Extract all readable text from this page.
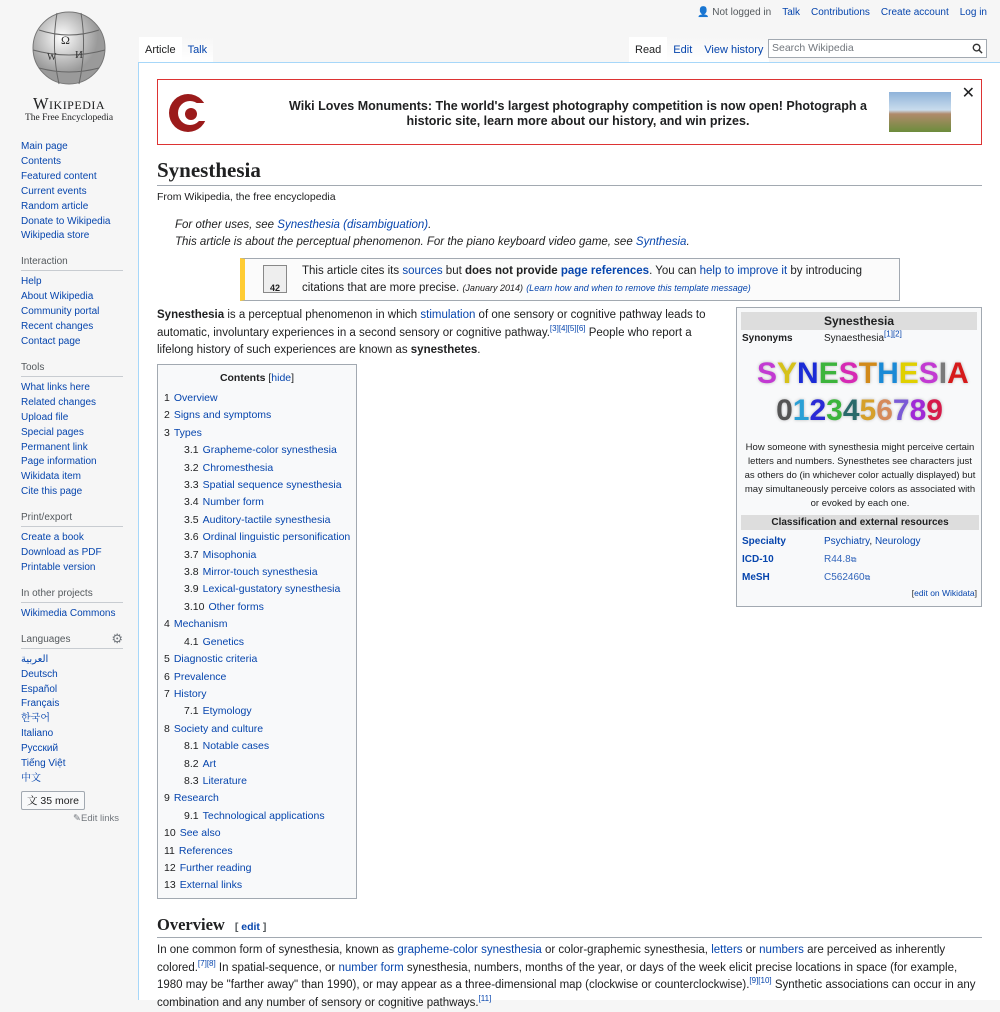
Ω
И
W
Wikipedia
The Free Encyclopedia
Main page
Contents
Featured content
Current events
Random article
Donate to Wikipedia
Wikipedia store
Interaction
Help
About Wikipedia
Community portal
Recent changes
Contact page
Tools
What links here
Related changes
Upload file
Special pages
Permanent link
Page information
Wikidata item
Cite this page
Print/export
Create a book
Download as PDF
Printable version
In other projects
Wikimedia Commons
Languages	⚙
العربية
Deutsch
Español
Français
한국어
Italiano
Русский
Tiếng Việt
中文
文 35 more
✎Edit links
👤 Not logged in Talk Contributions Create account Log in
Article	Talk	Read	Edit	View history Search Wikipedia
Wiki Loves Monuments: The world's largest photography competition is now open! Photograph a historic site, learn more about our history, and win prizes.
✕
Synesthesia
From Wikipedia, the free encyclopedia
For other uses, see Synesthesia (disambiguation).
This article is about the perceptual phenomenon. For the piano keyboard video game, see Synthesia.
42
This article cites its sources but does not provide page references. You can help to improve it by introducing citations that are more precise. (January 2014) (Learn how and when to remove this template message)
Synesthesia is a perceptual phenomenon in which stimulation of one sensory or cognitive pathway leads to automatic, involuntary experiences in a second sensory or cognitive pathway.[3][4][5][6] People who report a lifelong history of such experiences are known as synesthetes.
Contents [hide]
1 Overview
2 Signs and symptoms
3 Types
3.1 Grapheme-color synesthesia
3.2 Chromesthesia
3.3 Spatial sequence synesthesia
3.4 Number form
3.5 Auditory-tactile synesthesia
3.6 Ordinal linguistic personification
3.7 Misophonia
3.8 Mirror-touch synesthesia
3.9 Lexical-gustatory synesthesia
3.10 Other forms
4 Mechanism
4.1 Genetics
5 Diagnostic criteria
6 Prevalence
7 History
7.1 Etymology
8 Society and culture
8.1 Notable cases
8.2 Art
8.3 Literature
9 Research
9.1 Technological applications
10 See also
11 References
12 Further reading
13 External links
Synesthesia
Synonyms	Synaesthesia[1][2]
SYNESTHESIA
0123456789
How someone with synesthesia might perceive certain letters and numbers. Synesthetes see characters just as others do (in whichever color actually displayed) but may simultaneously perceive colors as associated with or evoked by each one.
Classification and external resources
Specialty	Psychiatry, Neurology
ICD-10	R44.8⧉
MeSH	C562460⧉
[edit on Wikidata]
Overview [ edit ]
In one common form of synesthesia, known as grapheme-color synesthesia or color-graphemic synesthesia, letters or numbers are perceived as inherently colored.[7][8] In spatial-sequence, or number form synesthesia, numbers, months of the year, or days of the week elicit precise locations in space (for example, 1980 may be "farther away" than 1990), or may appear as a three-dimensional map (clockwise or counterclockwise).[9][10] Synthetic associations can occur in any combination and any number of sensory or cognitive pathways.[11]
